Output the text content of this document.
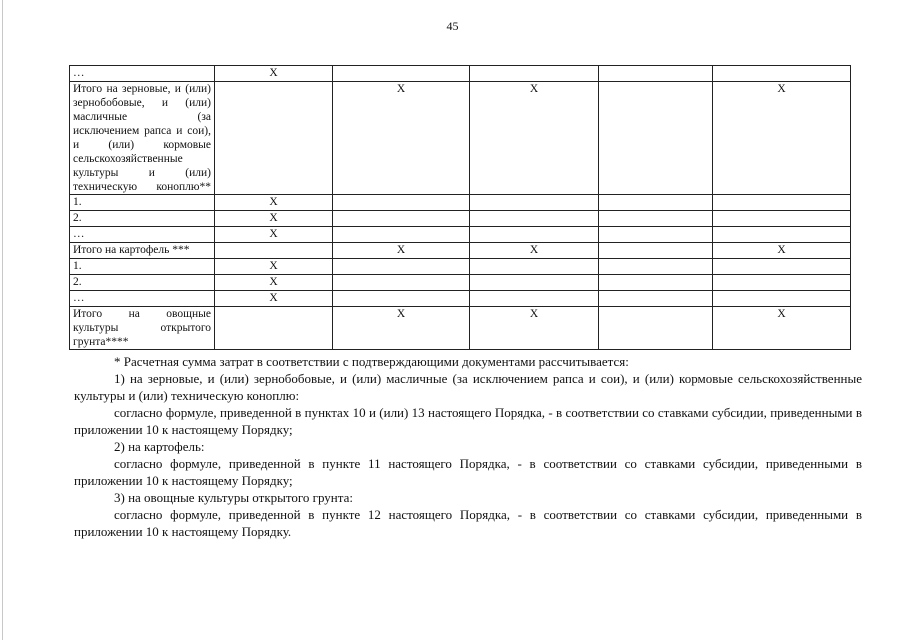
45
…	X				
Итого на зерновые, и (или) зернобобовые, и (или) масличные (за исключением рапса и сои), и (или) кормовые сельскохозяйственные культуры и (или) техническую коноплю**		X	X		X
1.	X				
2.	X				
…	X				
Итого на картофель ***		X	X		X
1.	X				
2.	X				
…	X				
Итого на овощные культуры открытого грунта****		X	X		X

* Расчетная сумма затрат в соответствии с подтверждающими документами рассчитывается:

1) на зерновые, и (или) зернобобовые, и (или) масличные (за исключением рапса и сои), и (или) кормовые сельскохозяйственные культуры и (или) техническую коноплю:

согласно формуле, приведенной в пунктах 10 и (или) 13 настоящего Порядка, - в соответствии со ставками субсидии, приведенными в приложении 10 к настоящему Порядку;

2) на картофель:

согласно формуле, приведенной в пункте 11 настоящего Порядка, - в соответствии со ставками субсидии, приведенными в приложении 10 к настоящему Порядку;

3) на овощные культуры открытого грунта:

согласно формуле, приведенной в пункте 12 настоящего Порядка, - в соответствии со ставками субсидии, приведенными в приложении 10 к настоящему Порядку.
